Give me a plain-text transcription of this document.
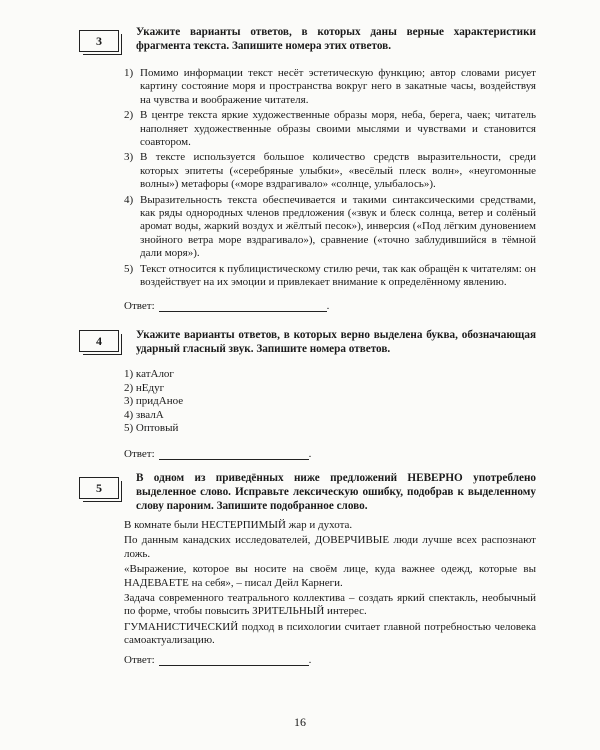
3
Укажите варианты ответов, в которых даны верные характеристики фрагмента текста. Запишите номера этих ответов.
1) Помимо информации текст несёт эстетическую функцию; автор словами рисует картину состояние моря и пространства вокруг него в закатные часы, воздействуя на чувства и воображение читателя.
2) В центре текста яркие художественные образы моря, неба, берега, чаек; читатель наполняет художественные образы своими мыслями и чувствами и становится соавтором.
3) В тексте используется большое количество средств выразительности, среди которых эпитеты («серебряные улыбки», «весёлый плеск волн», «неугомонные волны») метафоры («море вздрагивало» «солнце, улыбалось»).
4) Выразительность текста обеспечивается и такими синтаксическими средствами, как ряды однородных членов предложения («звук и блеск солнца, ветер и солёный аромат воды, жаркий воздух и жёлтый песок»), инверсия («Под лёгким дуновением знойного ветра море вздрагивало»), сравнение («точно заблудившийся в тёмной дали моря»).
5) Текст относится к публицистическому стилю речи, так как обращён к читателям: он воздействует на их эмоции и привлекает внимание к определённому явлению.
Ответ:	.
4	Укажите варианты ответов, в которых верно выделена буква, обозначающая ударный гласный звук. Запишите номера ответов.
1) катАлог
2) нЕдуг
3) придАное
4) звалА
5) Оптовый
Ответ:	.
5
В одном из приведённых ниже предложений НЕВЕРНО употреблено выделенное слово. Исправьте лексическую ошибку, подобрав к выделенному слову пароним. Запишите подобранное слово.

В комнате были НЕСТЕРПИМЫЙ жар и духота.

По данным канадских исследователей, ДОВЕРЧИВЫЕ люди лучше всех распознают ложь.

«Выражение, которое вы носите на своём лице, куда важнее одежд, которые вы НАДЕВАЕТЕ на себя», – писал Дейл Карнеги.

Задача современного театрального коллектива – создать яркий спектакль, необычный по форме, чтобы повысить ЗРИТЕЛЬНЫЙ интерес.

ГУМАНИСТИЧЕСКИЙ подход в психологии считает главной потребностью человека самоактуализацию.

Ответ:	.
16
